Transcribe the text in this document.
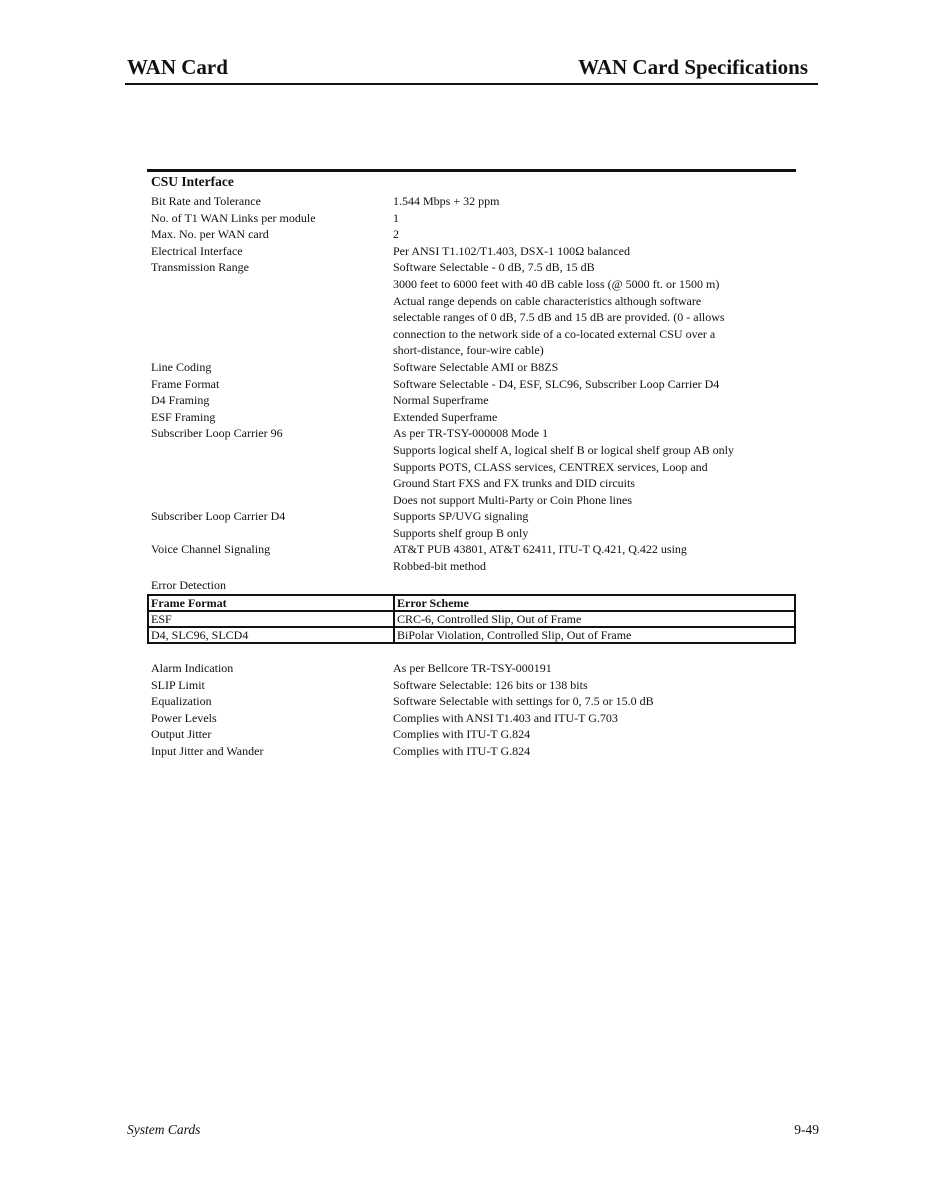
WAN Card	WAN Card Specifications
CSU Interface
Bit Rate and Tolerance	1.544 Mbps + 32 ppm
No. of T1 WAN Links per module	1
Max. No. per WAN card	2
Electrical Interface	Per ANSI T1.102/T1.403, DSX-1 100Ω balanced
Transmission Range	Software Selectable - 0 dB, 7.5 dB, 15 dB
3000 feet to 6000 feet with 40 dB cable loss (@ 5000 ft. or 1500 m)
Actual range depends on cable characteristics although software
selectable ranges of 0 dB, 7.5 dB and 15 dB are provided. (0 - allows
connection to the network side of a co-located external CSU over a
short-distance, four-wire cable)
Line Coding	Software Selectable AMI or B8ZS
Frame Format	Software Selectable - D4, ESF, SLC96, Subscriber Loop Carrier D4
D4 Framing	Normal Superframe
ESF Framing	Extended Superframe
Subscriber Loop Carrier 96	As per TR-TSY-000008 Mode 1
Supports logical shelf A, logical shelf B or logical shelf group AB only
Supports POTS, CLASS services, CENTREX services, Loop and
Ground Start FXS and FX trunks and DID circuits
Does not support Multi-Party or Coin Phone lines
Subscriber Loop Carrier D4	Supports SP/UVG signaling
Supports shelf group B only
Voice Channel Signaling	AT&T PUB 43801, AT&T 62411, ITU-T Q.421, Q.422 using
Robbed-bit method
Error Detection
Frame Format	Error Scheme
ESF	CRC-6, Controlled Slip, Out of Frame
D4, SLC96, SLCD4	BiPolar Violation, Controlled Slip, Out of Frame
Alarm Indication	As per Bellcore TR-TSY-000191
SLIP Limit	Software Selectable: 126 bits or 138 bits
Equalization	Software Selectable with settings for 0, 7.5 or 15.0 dB
Power Levels	Complies with ANSI T1.403 and ITU-T G.703
Output Jitter	Complies with ITU-T G.824
Input Jitter and Wander	Complies with ITU-T G.824
System Cards	9-49
